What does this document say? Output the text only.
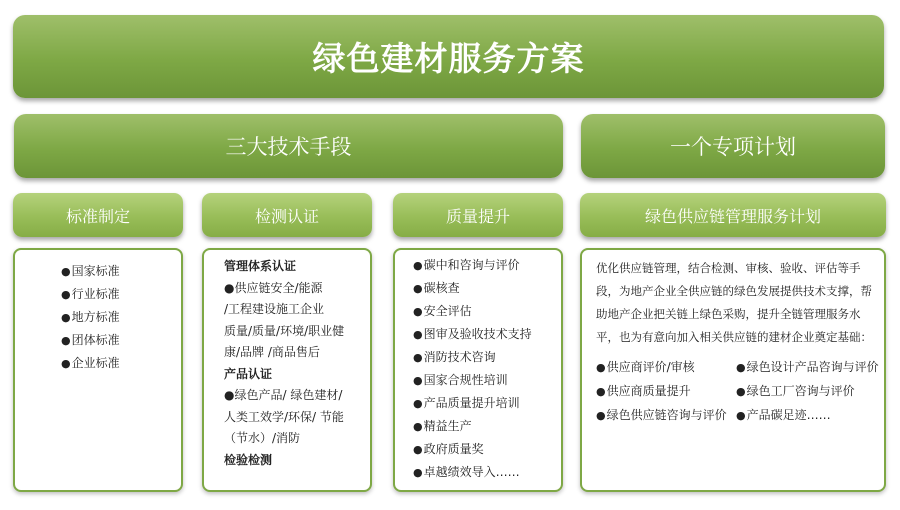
绿色建材服务方案
三大技术手段	一个专项计划
标准制定	检测认证	质量提升	绿色供应链管理服务计划
● 国家标准
● 行业标准
● 地方标准
● 团体标准
● 企业标准
管理体系认证
●供应链安全/能源
/工程建设施工企业
质量/质量/环境/职业健
康/品牌 /商品售后
产品认证
●绿色产品/ 绿色建材/
人类工效学/环保/ 节能
（节水）/消防
检验检测
● 碳中和咨询与评价
● 碳核查
● 安全评估
● 图审及验收技术支持
● 消防技术咨询
● 国家合规性培训
● 产品质量提升培训
● 精益生产
● 政府质量奖
● 卓越绩效导入……
优化供应链管理，结合检测、审核、验收、评估等手段，为地产企业全供应链的绿色发展提供技术支撑，帮助地产企业把关链上绿色采购，提升全链管理服务水平，也为有意向加入相关供应链的建材企业奠定基础：
● 供应商评价/审核	● 绿色设计产品咨询与评价
● 供应商质量提升	● 绿色工厂咨询与评价
● 绿色供应链咨询与评价	● 产品碳足迹……
